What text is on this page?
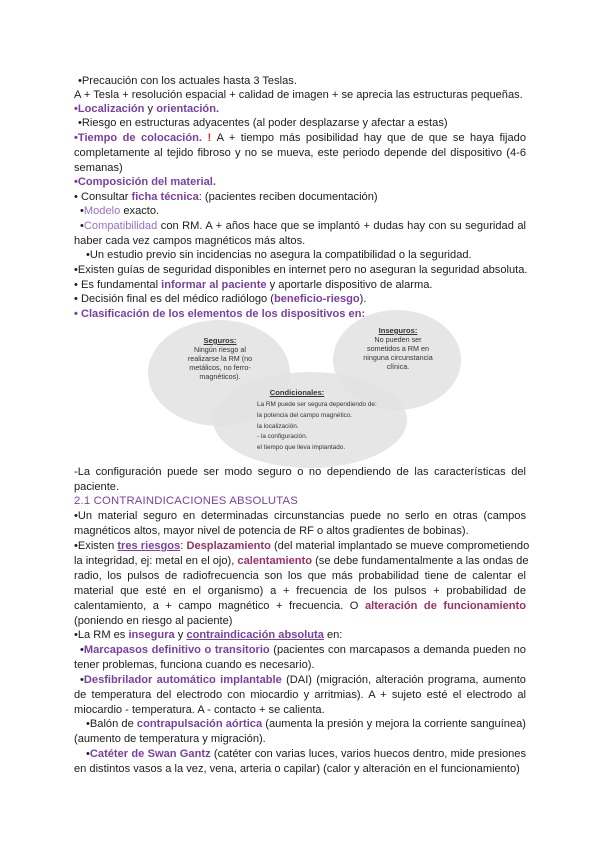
•Precaución con los actuales hasta 3 Teslas.
A + Tesla + resolución espacial + calidad de imagen + se aprecia las estructuras pequeñas.
•Localización y orientación.
•Riesgo en estructuras adyacentes (al poder desplazarse y afectar a estas)
•Tiempo de colocación. ! A + tiempo más posibilidad hay que de que se haya fijado
completamente al tejido fibroso y no se mueva, este periodo depende del dispositivo (4-6
semanas)
•Composición del material.
• Consultar ficha técnica: (pacientes reciben documentación)
•Modelo exacto.
•Compatibilidad con RM. A + años hace que se implantó + dudas hay con su seguridad al
haber cada vez campos magnéticos más altos.
•Un estudio previo sin incidencias no asegura la compatibilidad o la seguridad.
•Existen guías de seguridad disponibles en internet pero no aseguran la seguridad absoluta.
• Es fundamental informar al paciente y aportarle dispositivo de alarma.
• Decisión final es del médico radiólogo (beneficio-riesgo).
• Clasificación de los elementos de los dispositivos en:
Seguros:
Ningún riesgo al
realizarse la RM (no
metálicos, no ferro-
magnéticos).
Inseguros:
No pueden ser
sometidos a RM en
ninguna circunstancia
clínica.
Condicionales:
La RM puede ser segura dependiendo de:
la potencia del campo magnético.
la localización.
- la configuración.
el tiempo que lleva implantado.
-La configuración puede ser modo seguro o no dependiendo de las características del
paciente.
2.1 CONTRAINDICACIONES ABSOLUTAS
•Un material seguro en determinadas circunstancias puede no serlo en otras (campos
magnéticos altos, mayor nivel de potencia de RF o altos gradientes de bobinas).
•Existen tres riesgos: Desplazamiento (del material implantado se mueve comprometiendo
la integridad, ej: metal en el ojo), calentamiento (se debe fundamentalmente a las ondas de
radio, los pulsos de radiofrecuencia son los que más probabilidad tiene de calentar el
material que esté en el organismo) a + frecuencia de los pulsos + probabilidad de
calentamiento, a + campo magnético + frecuencia. O alteración de funcionamiento
(poniendo en riesgo al paciente)
•La RM es insegura y contraindicación absoluta en:
•Marcapasos definitivo o transitorio (pacientes con marcapasos a demanda pueden no
tener problemas, funciona cuando es necesario).
•Desfibrilador automático implantable (DAI) (migración, alteración programa, aumento
de temperatura del electrodo con miocardio y arritmias). A + sujeto esté el electrodo al
miocardio - temperatura. A - contacto + se calienta.
•Balón de contrapulsación aórtica (aumenta la presión y mejora la corriente sanguínea)
(aumento de temperatura y migración).
•Catéter de Swan Gantz (catéter con varias luces, varios huecos dentro, mide presiones
en distintos vasos a la vez, vena, arteria o capilar) (calor y alteración en el funcionamiento)
